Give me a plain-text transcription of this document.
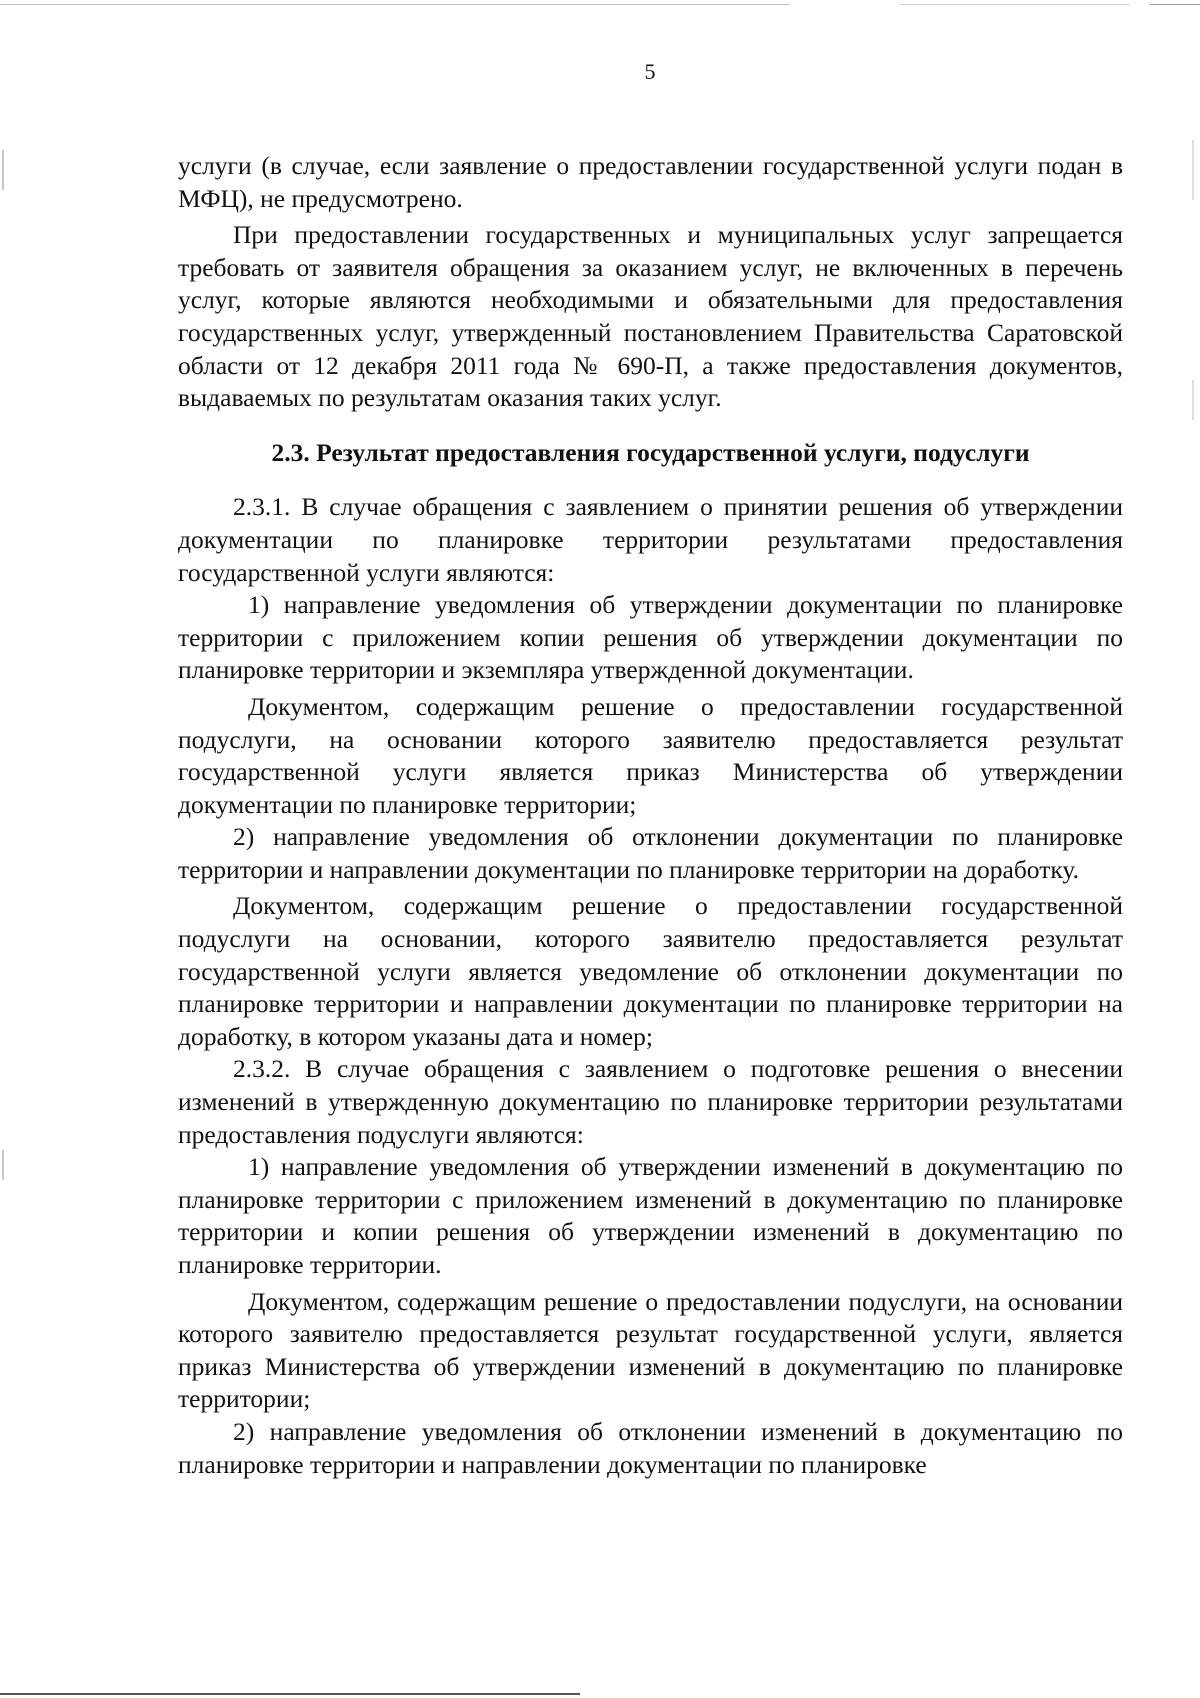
5

услуги (в случае, если заявление о предоставлении государственной услуги подан в МФЦ), не предусмотрено.

При предоставлении государственных и муниципальных услуг запрещается требовать от заявителя обращения за оказанием услуг, не включенных в перечень услуг, которые являются необходимыми и обязательными для предоставления государственных услуг, утвержденный постановлением Правительства Саратовской области от 12 декабря 2011 года № 690-П, а также предоставления документов, выдаваемых по результатам оказания таких услуг.

2.3. Результат предоставления государственной услуги, подуслуги

2.3.1. В случае обращения с заявлением о принятии решения об утверждении документации по планировке территории результатами предоставления государственной услуги являются:

1) направление уведомления об утверждении документации по планировке территории с приложением копии решения об утверждении документации по планировке территории и экземпляра утвержденной документации.

Документом, содержащим решение о предоставлении государственной подуслуги, на основании которого заявителю предоставляется результат государственной услуги является приказ Министерства об утверждении документации по планировке территории;

2) направление уведомления об отклонении документации по планировке территории и направлении документации по планировке территории на доработку.

Документом, содержащим решение о предоставлении государственной подуслуги на основании, которого заявителю предоставляется результат государственной услуги является уведомление об отклонении документации по планировке территории и направлении документации по планировке территории на доработку, в котором указаны дата и номер;

2.3.2. В случае обращения с заявлением о подготовке решения о внесении изменений в утвержденную документацию по планировке территории результатами предоставления подуслуги являются:

1) направление уведомления об утверждении изменений в документацию по планировке территории с приложением изменений в документацию по планировке территории и копии решения об утверждении изменений в документацию по планировке территории.

Документом, содержащим решение о предоставлении подуслуги, на основании которого заявителю предоставляется результат государственной услуги, является приказ Министерства об утверждении изменений в документацию по планировке территории;

2) направление уведомления об отклонении изменений в документацию по планировке территории и направлении документации по планировке
